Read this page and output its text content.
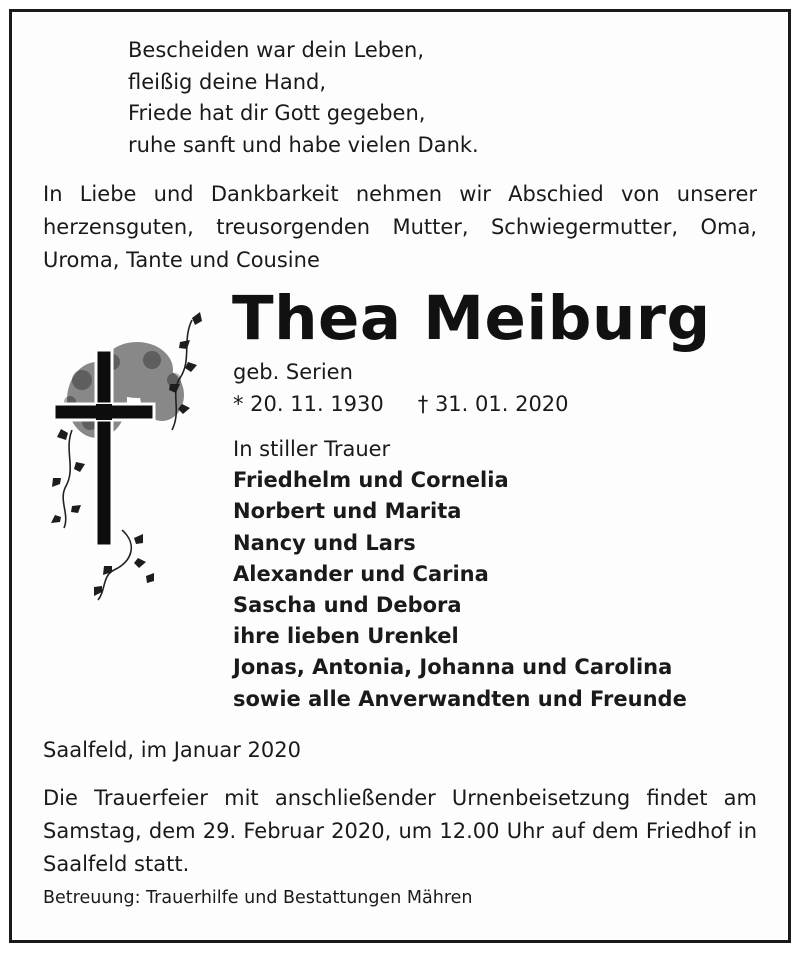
Bescheiden war dein Leben,
fleißig deine Hand,
Friede hat dir Gott gegeben,
ruhe sanft und habe vielen Dank.
In Liebe und Dankbarkeit nehmen wir Abschied von unserer herzensguten, treusorgenden Mutter, Schwiegermutter, Oma, Uroma, Tante und Cousine
Thea Meiburg
geb. Serien
* 20. 11. 1930 † 31. 01. 2020
In stiller Trauer
Friedhelm und Cornelia
Norbert und Marita
Nancy und Lars
Alexander und Carina
Sascha und Debora
ihre lieben Urenkel
Jonas, Antonia, Johanna und Carolina
sowie alle Anverwandten und Freunde
Saalfeld, im Januar 2020
Die Trauerfeier mit anschließender Urnenbeisetzung findet am Samstag, dem 29. Februar 2020, um 12.00 Uhr auf dem Friedhof in Saalfeld statt.
Betreuung: Trauerhilfe und Bestattungen Mähren
